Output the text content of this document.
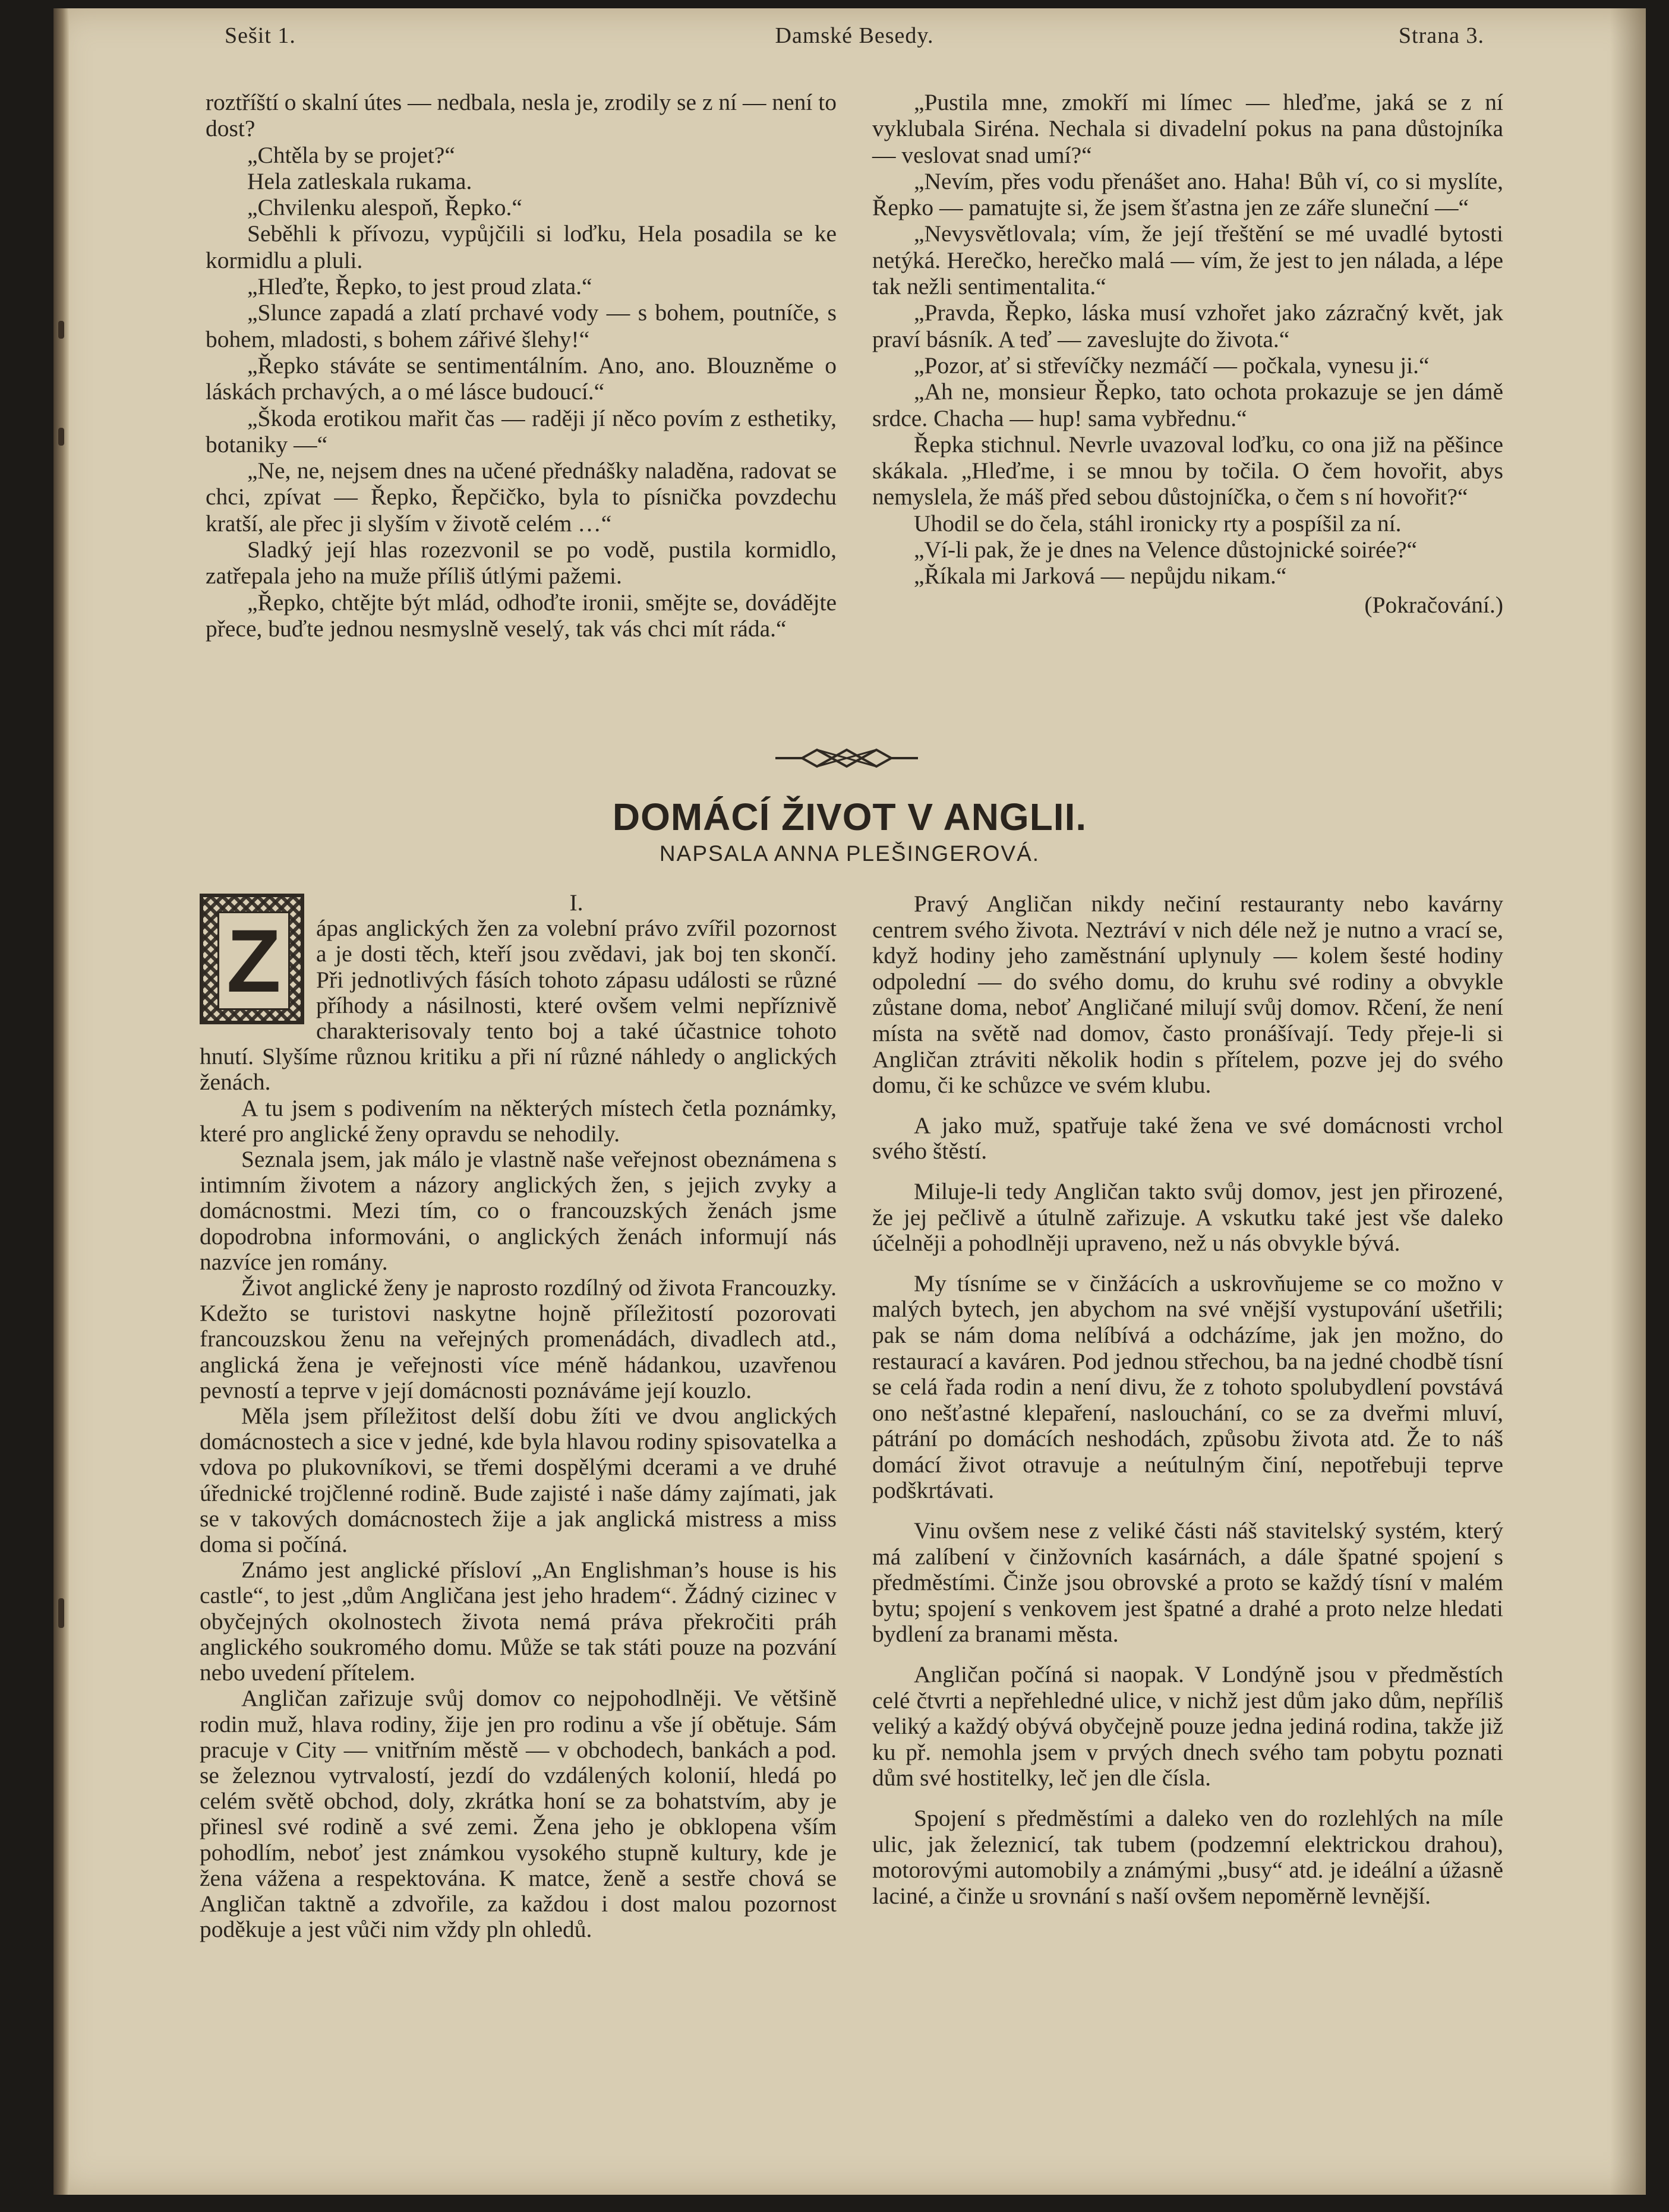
Damské Besedy.
Sešit 1.	Strana 3.

roztříští o skalní útes — nedbala, nesla je, zrodily se z ní — není to dost?

„Chtěla by se projet?“

Hela zatleskala rukama.

„Chvilenku alespoň, Řepko.“

Seběhli k přívozu, vypůjčili si loďku, Hela posadila se ke kormidlu a pluli.

„Hleďte, Řepko, to jest proud zlata.“

„Slunce zapadá a zlatí prchavé vody — s bohem, poutníče, s bohem, mladosti, s bohem zářivé šlehy!“

„Řepko stáváte se sentimentálním. Ano, ano. Blouzněme o láskách prchavých, a o mé lásce budoucí.“

„Škoda erotikou mařit čas — raději jí něco povím z esthetiky, botaniky —“

„Ne, ne, nejsem dnes na učené přednášky naladěna, radovat se chci, zpívat — Řepko, Řepčičko, byla to písnička povzdechu kratší, ale přec ji slyším v životě celém …“

Sladký její hlas rozezvonil se po vodě, pustila kormidlo, zatřepala jeho na muže příliš útlými pažemi.

„Řepko, chtějte být mlád, odhoďte ironii, smějte se, dováděјte přece, buďte jednou nesmyslně veselý, tak vás chci mít ráda.“

„Pustila mne, zmokří mi límec — hleďme, jaká se z ní vyklubala Siréna. Nechala si divadelní pokus na pana důstojníka — veslovat snad umí?“

„Nevím, přes vodu přenášet ano. Haha! Bůh ví, co si myslíte, Řepko — pamatujte si, že jsem šťastna jen ze záře sluneční —“

„Nevysvětlovala; vím, že její třeštění se mé uvadlé bytosti netýká. Herečko, herečko malá — vím, že jest to jen nálada, a lépe tak nežli sentimentalita.“

„Pravda, Řepko, láska musí vzhořet jako zázračný květ, jak praví básník. A teď — zaveslujte do života.“

„Pozor, ať si střevíčky nezmáčí — počkala, vynesu ji.“

„Ah ne, monsieur Řepko, tato ochota prokazuje se jen dámě srdce. Chacha — hup! sama vybřednu.“

Řepka stichnul. Nevrle uvazoval loďku, co ona již na pěšince skákala. „Hleďme, i se mnou by točila. O čem hovořit, abys nemyslela, že máš před sebou důstojníčka, o čem s ní hovořit?“

Uhodil se do čela, stáhl ironicky rty a pospíšil za ní.

„Ví-li pak, že je dnes na Velence důstojnické soirée?“

„Říkala mi Jarková — nepůjdu nikam.“

(Pokračování.)

DOMÁCÍ ŽIVOT V ANGLII.
NAPSALA ANNA PLEŠINGEROVÁ.
Z

I.

ápas anglických žen za volební právo zvířil pozornost a je dosti těch, kteří jsou zvědavi, jak boj ten skončí. Při jednotlivých fásích tohoto zápasu události se různé příhody a násilnosti, které ovšem velmi nepříznivě charakterisovaly tento boj a také účastnice tohoto hnutí. Slyšíme různou kritiku a při ní různé náhledy o anglických ženách.

A tu jsem s podivením na některých místech četla poznámky, které pro anglické ženy opravdu se nehodily.

Seznala jsem, jak málo je vlastně naše veřejnost obeznámena s intimním životem a názory anglických žen, s jejich zvyky a domácnostmi. Mezi tím, co o francouzských ženách jsme dopodrobna informováni, o anglických ženách informují nás nazvíce jen romány.

Život anglické ženy je naprosto rozdílný od života Francouzky. Kdežto se turistovi naskytne hojně příležitostí pozorovati francouzskou ženu na veřejných promenádách, divadlech atd., anglická žena je veřejnosti více méně hádankou, uzavřenou pevností a teprve v její domácnosti poznáváme její kouzlo.

Měla jsem příležitost delší dobu žíti ve dvou anglických domácnostech a sice v jedné, kde byla hlavou rodiny spisovatelka a vdova po plukovníkovi, se třemi dospělými dcerami a ve druhé úřednické trojčlenné rodině. Bude zajisté i naše dámy zajímati, jak se v takových domácnostech žije a jak anglická mistress a miss doma si počíná.

Známo jest anglické přísloví „An Englishman’s house is his castle“, to jest „dům Angličana jest jeho hradem“. Žádný cizinec v obyčejných okolnostech života nemá práva překročiti práh anglického soukromého domu. Může se tak státi pouze na pozvání nebo uvedení přítelem.

Angličan zařizuje svůj domov co nejpohodlněji. Ve většině rodin muž, hlava rodiny, žije jen pro rodinu a vše jí obětuje. Sám pracuje v City — vnitřním městě — v obchodech, bankách a pod. se železnou vytrvalostí, jezdí do vzdálených kolonií, hledá po celém světě obchod, doly, zkrátka honí se za bohatstvím, aby je přinesl své rodině a své zemi. Žena jeho je obklopena vším pohodlím, neboť jest známkou vysokého stupně kultury, kde je žena vážena a respektována. K matce, ženě a sestře chová se Angličan taktně a zdvořile, za každou i dost malou pozornost poděkuje a jest vůči nim vždy pln ohledů.

Pravý Angličan nikdy nečiní restauranty nebo kavárny centrem svého života. Neztráví v nich déle než je nutno a vrací se, když hodiny jeho zaměstnání uplynuly — kolem šesté hodiny odpolední — do svého domu, do kruhu své rodiny a obvykle zůstane doma, neboť Angličané milují svůj domov. Rčení, že není místa na světě nad domov, často pronášívají. Tedy přeje-li si Angličan ztráviti několik hodin s přítelem, pozve jej do svého domu, či ke schůzce ve svém klubu.

A jako muž, spatřuje také žena ve své domácnosti vrchol svého štěstí.

Miluje-li tedy Angličan takto svůj domov, jest jen přirozené, že jej pečlivě a útulně zařizuje. A vskutku také jest vše daleko účelněji a pohodlněji upraveno, než u nás obvykle bývá.

My tísníme se v činžácích a uskrovňujeme se co možno v malých bytech, jen abychom na své vnější vystupování ušetřili; pak se nám doma nelíbívá a odcházíme, jak jen možno, do restaurací a kaváren. Pod jednou střechou, ba na jedné chodbě tísní se celá řada rodin a není divu, že z tohoto spolubydlení povstává ono nešťastné klepaření, naslouchání, co se za dveřmi mluví, pátrání po domácích neshodách, způsobu života atd. Že to náš domácí život otravuje a neútulným činí, nepotřebuji teprve podškrtávati.

Vinu ovšem nese z veliké části náš stavitelský systém, který má zalíbení v činžovních kasárnách, a dále špatné spojení s předměstími. Činže jsou obrovské a proto se každý tísní v malém bytu; spojení s venkovem jest špatné a drahé a proto nelze hledati bydlení za branami města.

Angličan počíná si naopak. V Londýně jsou v předměstích celé čtvrti a nepřehledné ulice, v nichž jest dům jako dům, nepříliš veliký a každý obývá obyčejně pouze jedna jediná rodina, takže již ku př. nemohla jsem v prvých dnech svého tam pobytu poznati dům své hostitelky, leč jen dle čísla.

Spojení s předměstími a daleko ven do rozlehlých na míle ulic, jak železnicí, tak tubem (podzemní elektrickou drahou), motorovými automobily a známými „busy“ atd. je ideální a úžasně laciné, a činže u srovnání s naší ovšem nepoměrně levnější.
